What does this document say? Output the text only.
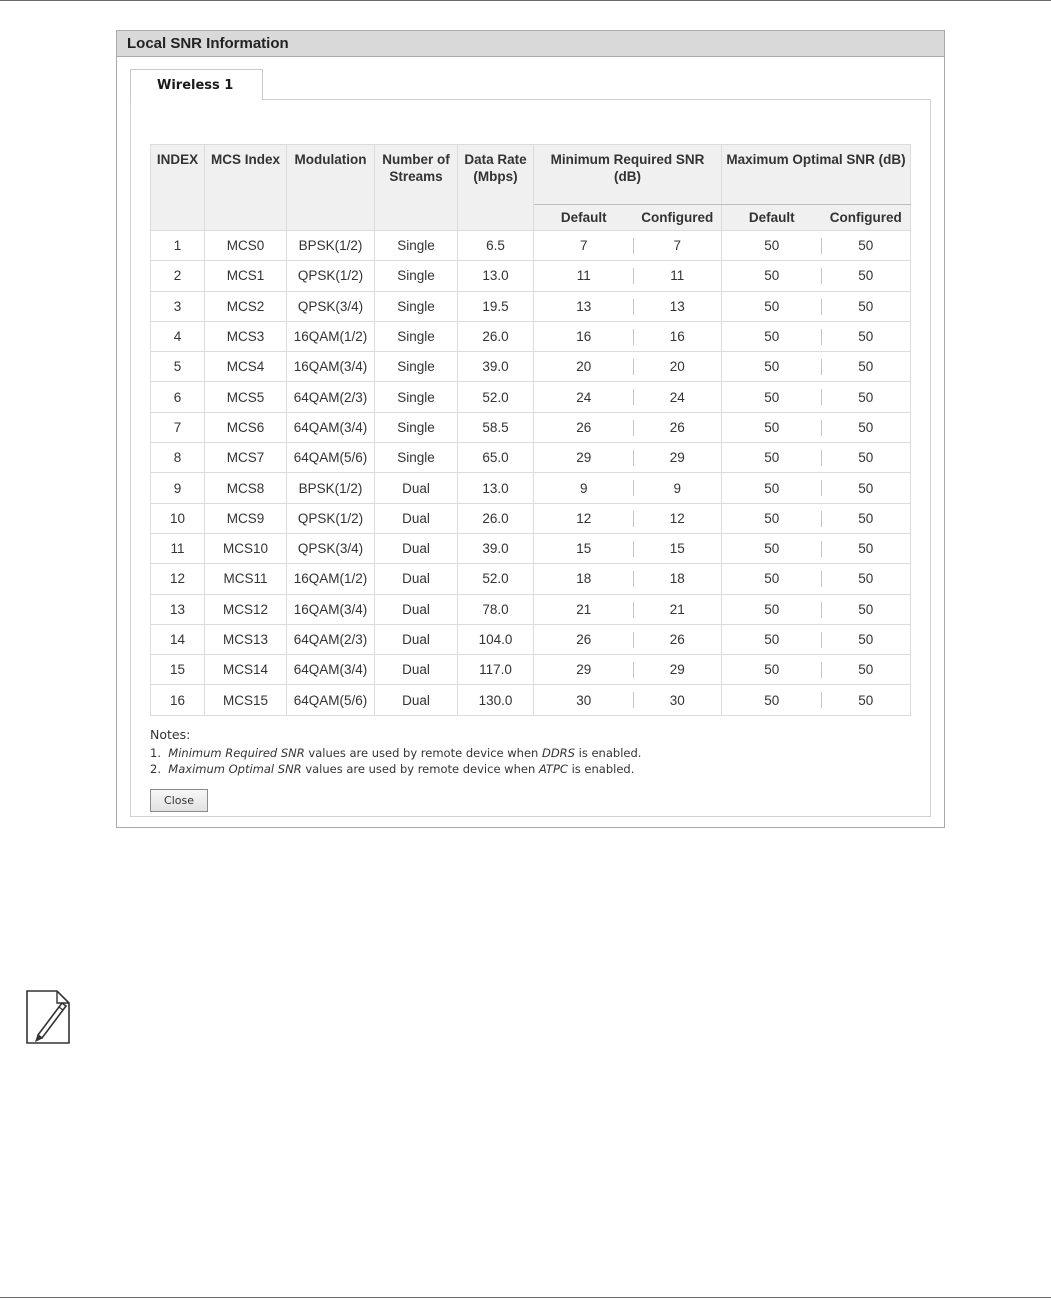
Local SNR Information
Wireless 1
INDEX	MCS Index	Modulation	Number of Streams	Data Rate (Mbps)	Minimum Required SNR (dB)		Maximum Optimal SNR (dB)	
					Default	Configured	Default	Configured
1	MCS0	BPSK(1/2)	Single	6.5	7	7	50	50
2	MCS1	QPSK(1/2)	Single	13.0	11	11	50	50
3	MCS2	QPSK(3/4)	Single	19.5	13	13	50	50
4	MCS3	16QAM(1/2)	Single	26.0	16	16	50	50
5	MCS4	16QAM(3/4)	Single	39.0	20	20	50	50
6	MCS5	64QAM(2/3)	Single	52.0	24	24	50	50
7	MCS6	64QAM(3/4)	Single	58.5	26	26	50	50
8	MCS7	64QAM(5/6)	Single	65.0	29	29	50	50
9	MCS8	BPSK(1/2)	Dual	13.0	9	9	50	50
10	MCS9	QPSK(1/2)	Dual	26.0	12	12	50	50
11	MCS10	QPSK(3/4)	Dual	39.0	15	15	50	50
12	MCS11	16QAM(1/2)	Dual	52.0	18	18	50	50
13	MCS12	16QAM(3/4)	Dual	78.0	21	21	50	50
14	MCS13	64QAM(2/3)	Dual	104.0	26	26	50	50
15	MCS14	64QAM(3/4)	Dual	117.0	29	29	50	50
16	MCS15	64QAM(5/6)	Dual	130.0	30	30	50	50
Notes:
1. Minimum Required SNR values are used by remote device when DDRS is enabled.
2. Maximum Optimal SNR values are used by remote device when ATPC is enabled.
Close
